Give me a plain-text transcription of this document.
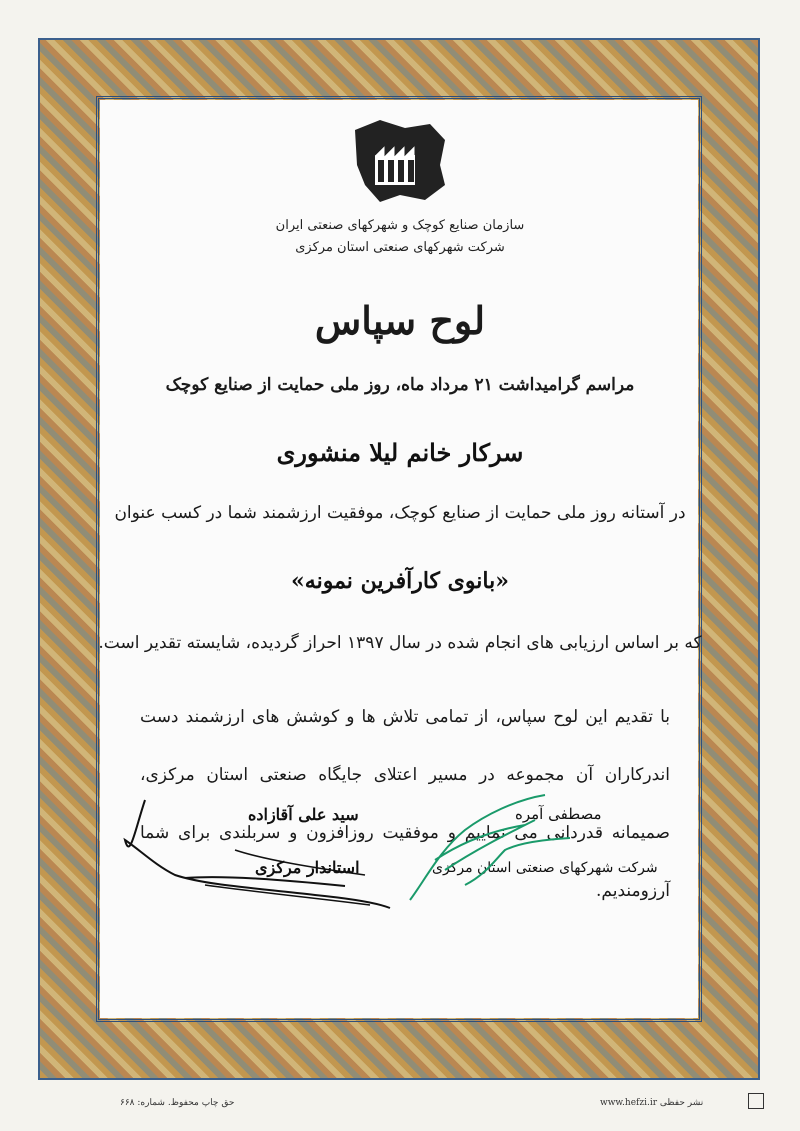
سازمان صنایع کوچک و شهرکهای صنعتی ایران
شرکت شهرکهای صنعتی استان مرکزی
لوح سپاس
مراسم گرامیداشت ۲۱ مرداد ماه، روز ملی حمایت از صنایع کوچک
سرکار خانم لیلا منشوری
در آستانه روز ملی حمایت از صنایع کوچک، موفقیت ارزشمند شما در کسب عنوان
«بانوی کارآفرین نمونه»
که بر اساس ارزیابی های انجام شده در سال ۱۳۹۷ احراز گردیده، شایسته تقدیر است.
با تقدیم این لوح سپاس، از تمامی تلاش ها و کوشش های ارزشمند دست اندرکاران آن مجموعه در مسیر اعتلای جایگاه صنعتی استان مرکزی، صمیمانه قدردانی می نماییم و موفقیت روزافزون و سربلندی برای شما آرزومندیم.
سید علی آقازاده
استاندار مرکزی
مصطفی آمره
شرکت شهرکهای صنعتی استان مرکزی
حق چاپ محفوظ. شماره: ۶۶۸	www.hefzi.ir نشر حفظی
